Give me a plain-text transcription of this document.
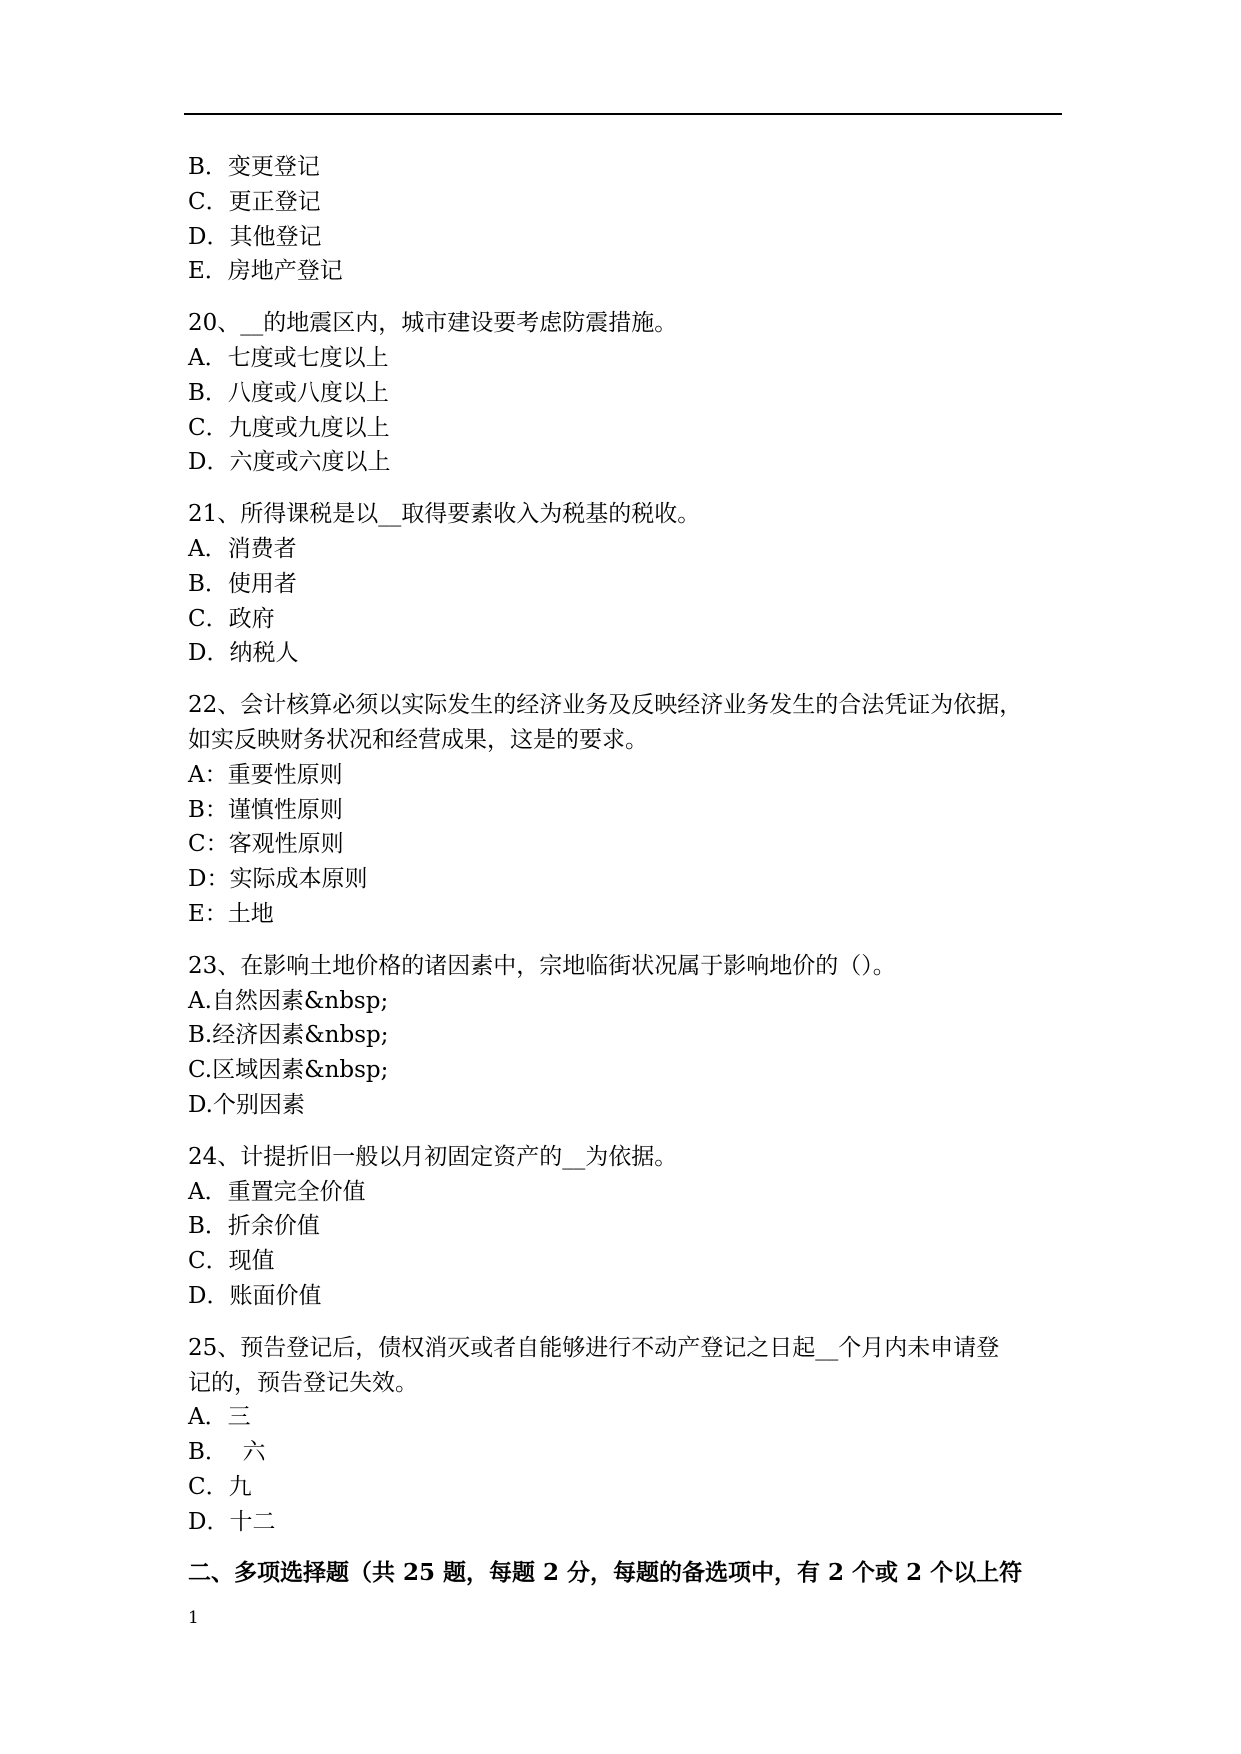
B．变更登记
C．更正登记
D．其他登记
E．房地产登记
20、__的地震区内，城市建设要考虑防震措施。
A．七度或七度以上
B．八度或八度以上
C．九度或九度以上
D．六度或六度以上
21、所得课税是以__取得要素收入为税基的税收。
A．消费者
B．使用者
C．政府
D．纳税人
22、会计核算必须以实际发生的经济业务及反映经济业务发生的合法凭证为依据，
如实反映财务状况和经营成果，这是的要求。
A：重要性原则
B：谨慎性原则
C：客观性原则
D：实际成本原则
E：土地
23、在影响土地价格的诸因素中，宗地临街状况属于影响地价的（）。
A.自然因素&nbsp;
B.经济因素&nbsp;
C.区域因素&nbsp;
D.个别因素
24、计提折旧一般以月初固定资产的__为依据。
A．重置完全价值
B．折余价值
C．现值
D．账面价值
25、预告登记后，债权消灭或者自能够进行不动产登记之日起__个月内未申请登
记的，预告登记失效。
A．三
B．  六
C．九
D．十二
二、多项选择题（共 25 题，每题 2 分，每题的备选项中，有 2 个或 2 个以上符
1
